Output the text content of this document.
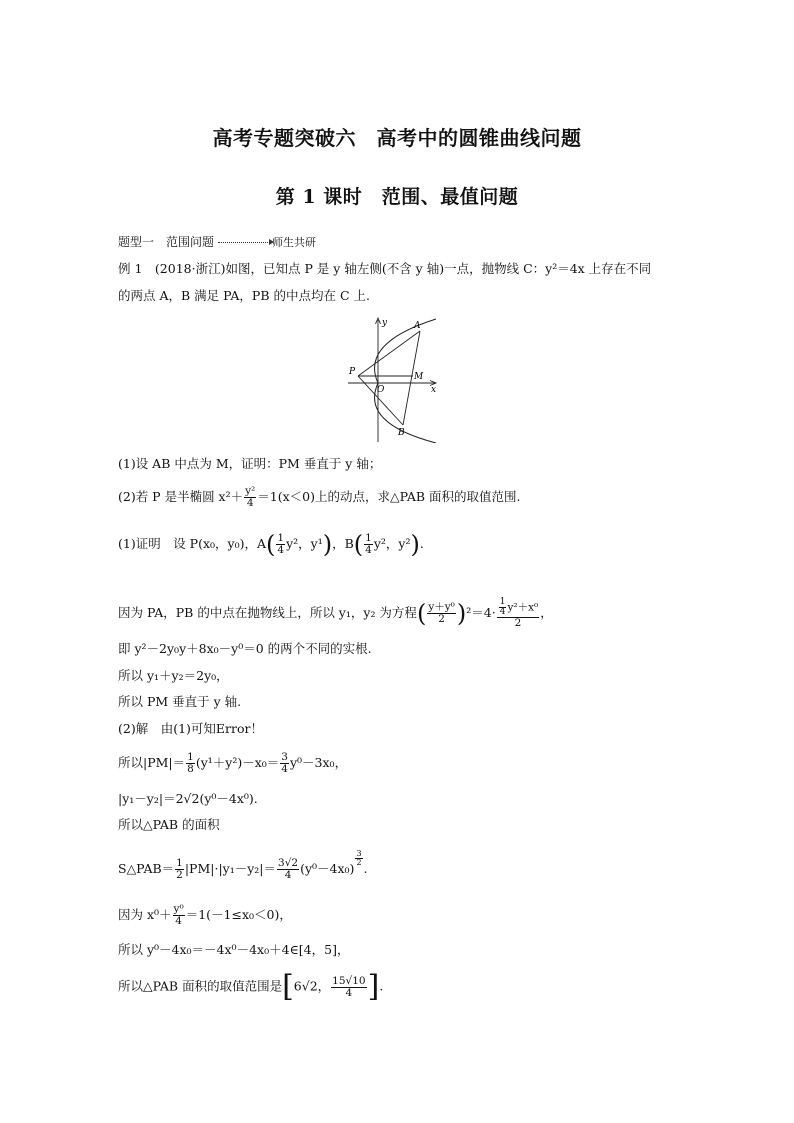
高考专题突破六　高考中的圆锥曲线问题
第 1 课时　范围、最值问题
题型一　范围问题	师生共研
例 1　(2018·浙江)如图，已知点 P 是 y 轴左侧(不含 y 轴)一点，抛物线 C：y²＝4x 上存在不同
的两点 A，B 满足 PA，PB 的中点均在 C 上.
y	A
P
O
M
x
B
(1)设 AB 中点为 M，证明：PM 垂直于 y 轴；
(2)若 P 是半椭圆 $x^2+ \frac{\text{y²}}{4} =1(x<0)$上的动点，求△PAB 面积的取值范围.
(1)证明　设 P(x₀，y₀)，$A( \frac{1}{4} y^2$，y¹)，$B( \frac{1}{4} y^2$，y²).
因为 PA，PB 的中点在抛物线上，所以 y₁，y₂ 为方程( $\frac{\text{y＋y⁰}}{2} )^2=4\cdot \frac{\frac{1}{4} y^2+x^0}{2}$ ，
即 y²－2y₀y＋8x₀－y⁰＝0 的两个不同的实根.
所以 y₁＋y₂＝2y₀，
所以 PM 垂直于 y 轴.
(2)解　由(1)可知Error！
所以$|PM|= \frac{1}{8} (y^1+y^2)-x_0= \frac{3}{4} y^0-3x_0$，
|y₁－y₂|＝2√2(y⁰－4x⁰).
所以△PAB 的面积
S△PAB＝ $\frac{1}{2} |PM|\cdot|y_1-y_2|= \frac{3√2}{4} (y^0-4x_0)$
$\frac{3}{2}$
.
因为 $x^0+ \frac{\text{y⁰}}{4} =1(-1\le x_0<0)$，
所以 y⁰－4x₀＝－4x⁰－4x₀＋4∈[4，5]，
所以△PAB 面积的取值范围是[6√2， $\frac{15√10}{4}$ ].
